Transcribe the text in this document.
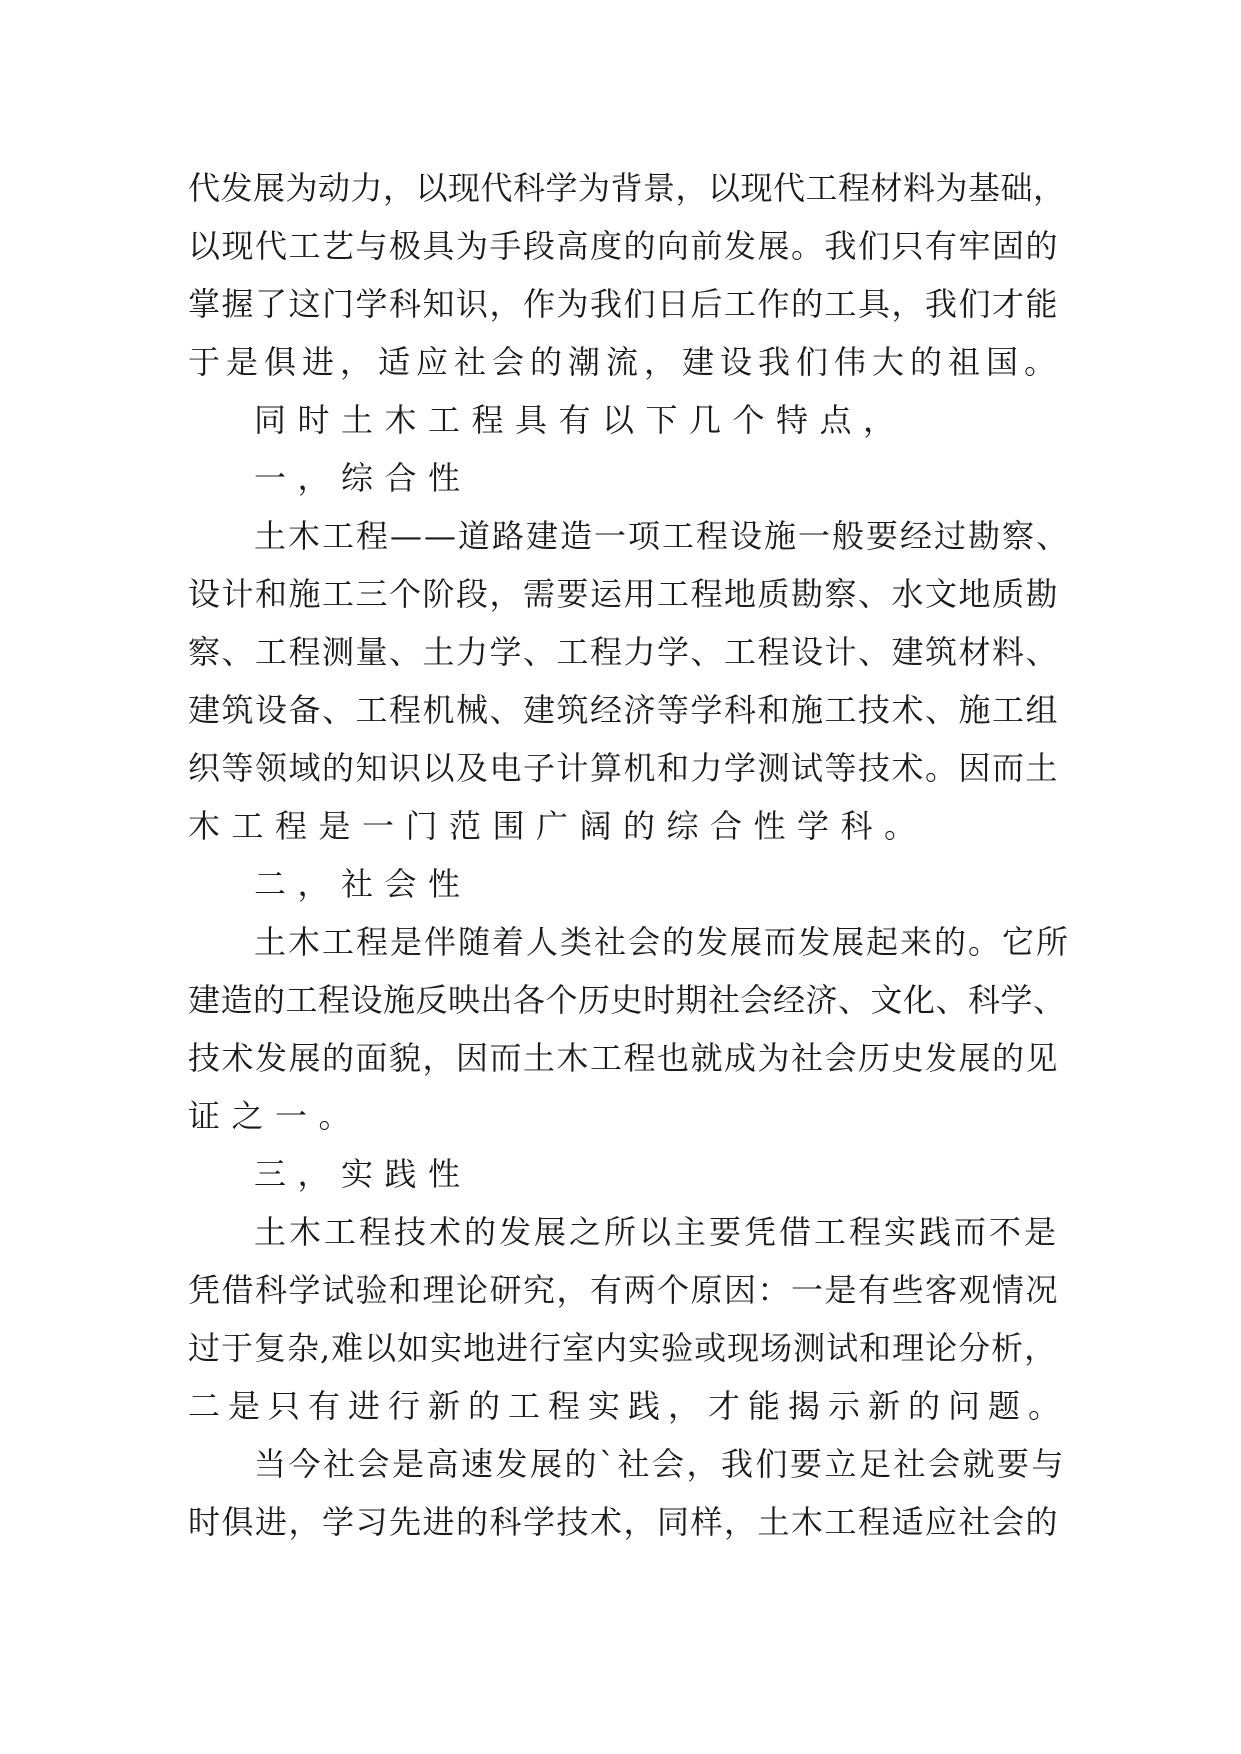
代发展为动力，以现代科学为背景，以现代工程材料为基础，
以现代工艺与极具为手段高度的向前发展。我们只有牢固的
掌握了这门学科知识，作为我们日后工作的工具，我们才能
于是俱进，适应社会的潮流，建设我们伟大的祖国。
同时土木工程具有以下几个特点，
一，综合性
土木工程——道路建造一项工程设施一般要经过勘察、
设计和施工三个阶段，需要运用工程地质勘察、水文地质勘
察、工程测量、土力学、工程力学、工程设计、建筑材料、
建筑设备、工程机械、建筑经济等学科和施工技术、施工组
织等领域的知识以及电子计算机和力学测试等技术。因而土
木工程是一门范围广阔的综合性学科。
二，社会性
土木工程是伴随着人类社会的发展而发展起来的。它所
建造的工程设施反映出各个历史时期社会经济、文化、科学、
技术发展的面貌，因而土木工程也就成为社会历史发展的见
证之一。
三，实践性
土木工程技术的发展之所以主要凭借工程实践而不是
凭借科学试验和理论研究，有两个原因：一是有些客观情况
过于复杂,难以如实地进行室内实验或现场测试和理论分析，
二是只有进行新的工程实践，才能揭示新的问题。
当今社会是高速发展的`社会，我们要立足社会就要与
时俱进，学习先进的科学技术，同样，土木工程适应社会的
